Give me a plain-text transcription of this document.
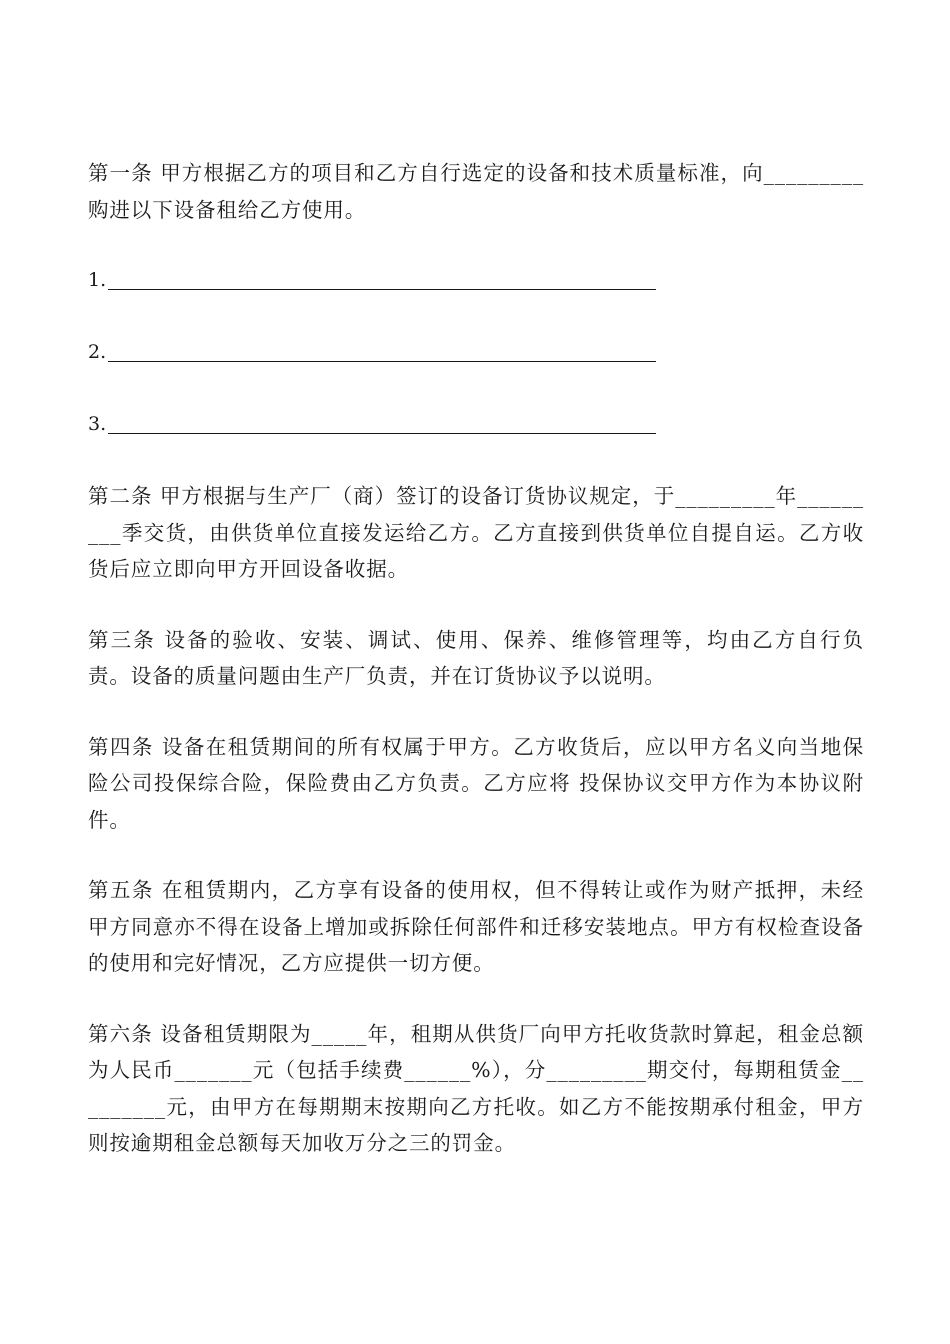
第一条 甲方根据乙方的项目和乙方自行选定的设备和技术质量标准，向_________购进以下设备租给乙方使用。

1.
2.
3.

第二条 甲方根据与生产厂（商）签订的设备订货协议规定，于_________年_________季交货，由供货单位直接发运给乙方。乙方直接到供货单位自提自运。乙方收货后应立即向甲方开回设备收据。

第三条 设备的验收、安装、调试、使用、保养、维修管理等，均由乙方自行负责。设备的质量问题由生产厂负责，并在订货协议予以说明。

第四条 设备在租赁期间的所有权属于甲方。乙方收货后，应以甲方名义向当地保险公司投保综合险，保险费由乙方负责。乙方应将 投保协议交甲方作为本协议附件。

第五条 在租赁期内，乙方享有设备的使用权，但不得转让或作为财产抵押，未经甲方同意亦不得在设备上增加或拆除任何部件和迁移安装地点。甲方有权检查设备的使用和完好情况，乙方应提供一切方便。

第六条 设备租赁期限为_____年，租期从供货厂向甲方托收货款时算起，租金总额为人民币_______元（包括手续费______%），分_________期交付，每期租赁金_________元，由甲方在每期期末按期向乙方托收。如乙方不能按期承付租金，甲方则按逾期租金总额每天加收万分之三的罚金。
